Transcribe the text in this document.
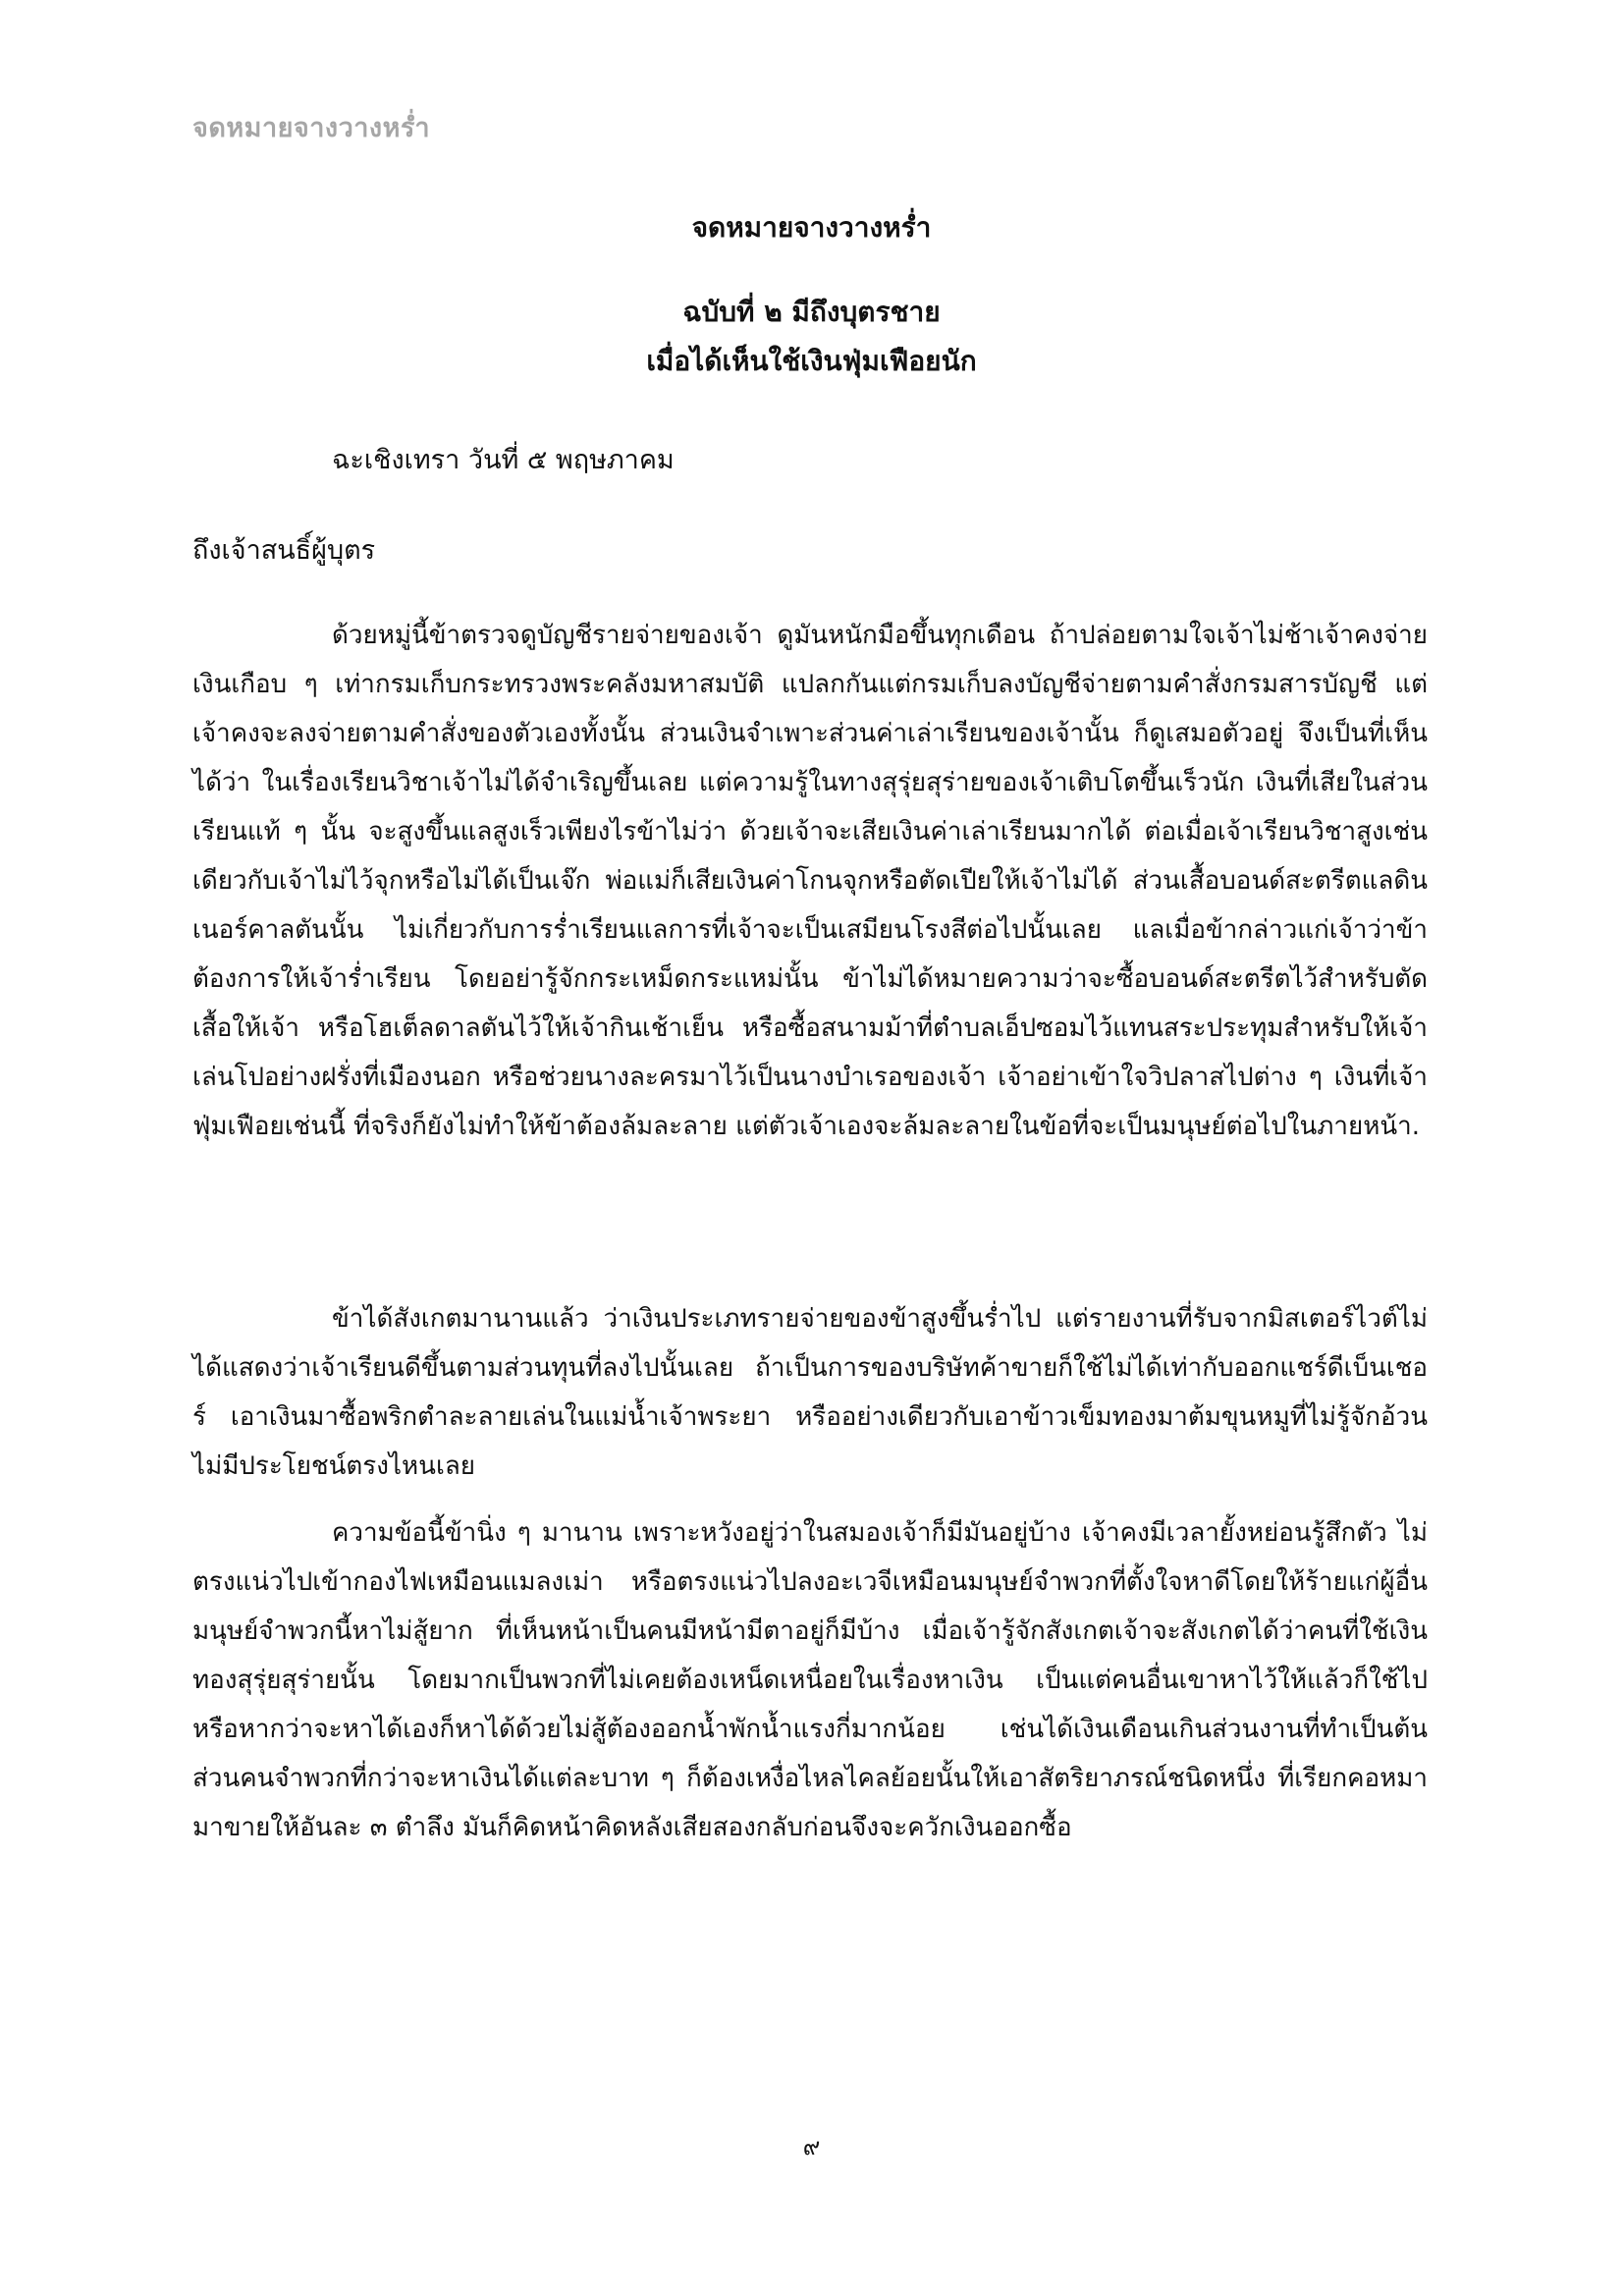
จดหมายจางวางหร่ำ
จดหมายจางวางหร่ำ
ฉบับที่ ๒ มีถึงบุตรชาย
เมื่อได้เห็นใช้เงินฟุ่มเฟือยนัก
ฉะเชิงเทรา วันที่ ๕ พฤษภาคม
ถึงเจ้าสนธิ์ผู้บุตร
ด้วยหมู่นี้ข้าตรวจดูบัญชีรายจ่ายของเจ้า ดูมันหนักมือขึ้นทุกเดือน ถ้าปล่อยตามใจเจ้าไม่ช้าเจ้าคงจ่ายเงินเกือบ ๆ เท่ากรมเก็บกระทรวงพระคลังมหาสมบัติ แปลกกันแต่กรมเก็บลงบัญชีจ่ายตามคำสั่งกรมสารบัญชี แต่เจ้าคงจะลงจ่ายตามคำสั่งของตัวเองทั้งนั้น ส่วนเงินจำเพาะส่วนค่าเล่าเรียนของเจ้านั้น ก็ดูเสมอตัวอยู่ จึงเป็นที่เห็นได้ว่า ในเรื่องเรียนวิชาเจ้าไม่ได้จำเริญขึ้นเลย แต่ความรู้ในทางสุรุ่ยสุร่ายของเจ้าเติบโตขึ้นเร็วนัก เงินที่เสียในส่วนเรียนแท้ ๆ นั้น จะสูงขึ้นแลสูงเร็วเพียงไรข้าไม่ว่า ด้วยเจ้าจะเสียเงินค่าเล่าเรียนมากได้ ต่อเมื่อเจ้าเรียนวิชาสูงเช่นเดียวกับเจ้าไม่ไว้จุกหรือไม่ได้เป็นเจ๊ก พ่อแม่ก็เสียเงินค่าโกนจุกหรือตัดเปียให้เจ้าไม่ได้ ส่วนเสื้อบอนด์สะตรีตแลดินเนอร์คาลตันนั้น ไม่เกี่ยวกับการร่ำเรียนแลการที่เจ้าจะเป็นเสมียนโรงสีต่อไปนั้นเลย แลเมื่อข้ากล่าวแก่เจ้าว่าข้าต้องการให้เจ้าร่ำเรียน โดยอย่ารู้จักกระเหม็ดกระแหม่นั้น ข้าไม่ได้หมายความว่าจะซื้อบอนด์สะตรีตไว้สำหรับตัดเสื้อให้เจ้า หรือโฮเต็ลดาลตันไว้ให้เจ้ากินเช้าเย็น หรือซื้อสนามม้าที่ตำบลเอ็ปซอมไว้แทนสระประทุมสำหรับให้เจ้าเล่นโปอย่างฝรั่งที่เมืองนอก หรือช่วยนางละครมาไว้เป็นนางบำเรอของเจ้า เจ้าอย่าเข้าใจวิปลาสไปต่าง ๆ เงินที่เจ้าฟุ่มเฟือยเช่นนี้ ที่จริงก็ยังไม่ทำให้ข้าต้องล้มละลาย แต่ตัวเจ้าเองจะล้มละลายในข้อที่จะเป็นมนุษย์ต่อไปในภายหน้า.
ข้าได้สังเกตมานานแล้ว ว่าเงินประเภทรายจ่ายของข้าสูงขึ้นร่ำไป แต่รายงานที่รับจากมิสเตอร์ไวต์ไม่ได้แสดงว่าเจ้าเรียนดีขึ้นตามส่วนทุนที่ลงไปนั้นเลย ถ้าเป็นการของบริษัทค้าขายก็ใช้ไม่ได้เท่ากับออกแชร์ดีเบ็นเชอร์ เอาเงินมาซื้อพริกตำละลายเล่นในแม่น้ำเจ้าพระยา หรืออย่างเดียวกับเอาข้าวเข็มทองมาต้มขุนหมูที่ไม่รู้จักอ้วน ไม่มีประโยชน์ตรงไหนเลย
ความข้อนี้ข้านิ่ง ๆ มานาน เพราะหวังอยู่ว่าในสมองเจ้าก็มีมันอยู่บ้าง เจ้าคงมีเวลายั้งหย่อนรู้สึกตัว ไม่ตรงแน่วไปเข้ากองไฟเหมือนแมลงเม่า หรือตรงแน่วไปลงอะเวจีเหมือนมนุษย์จำพวกที่ตั้งใจหาดีโดยให้ร้ายแก่ผู้อื่น มนุษย์จำพวกนี้หาไม่สู้ยาก ที่เห็นหน้าเป็นคนมีหน้ามีตาอยู่ก็มีบ้าง เมื่อเจ้ารู้จักสังเกตเจ้าจะสังเกตได้ว่าคนที่ใช้เงินทองสุรุ่ยสุร่ายนั้น โดยมากเป็นพวกที่ไม่เคยต้องเหน็ดเหนื่อยในเรื่องหาเงิน เป็นแต่คนอื่นเขาหาไว้ให้แล้วก็ใช้ไป หรือหากว่าจะหาได้เองก็หาได้ด้วยไม่สู้ต้องออกน้ำพักน้ำแรงกี่มากน้อย เช่นได้เงินเดือนเกินส่วนงานที่ทำเป็นต้น ส่วนคนจำพวกที่กว่าจะหาเงินได้แต่ละบาท ๆ ก็ต้องเหงื่อไหลไคลย้อยนั้นให้เอาสัตริยาภรณ์ชนิดหนึ่ง ที่เรียกคอหมามาขายให้อันละ ๓ ตำลึง มันก็คิดหน้าคิดหลังเสียสองกลับก่อนจึงจะควักเงินออกซื้อ
๙
